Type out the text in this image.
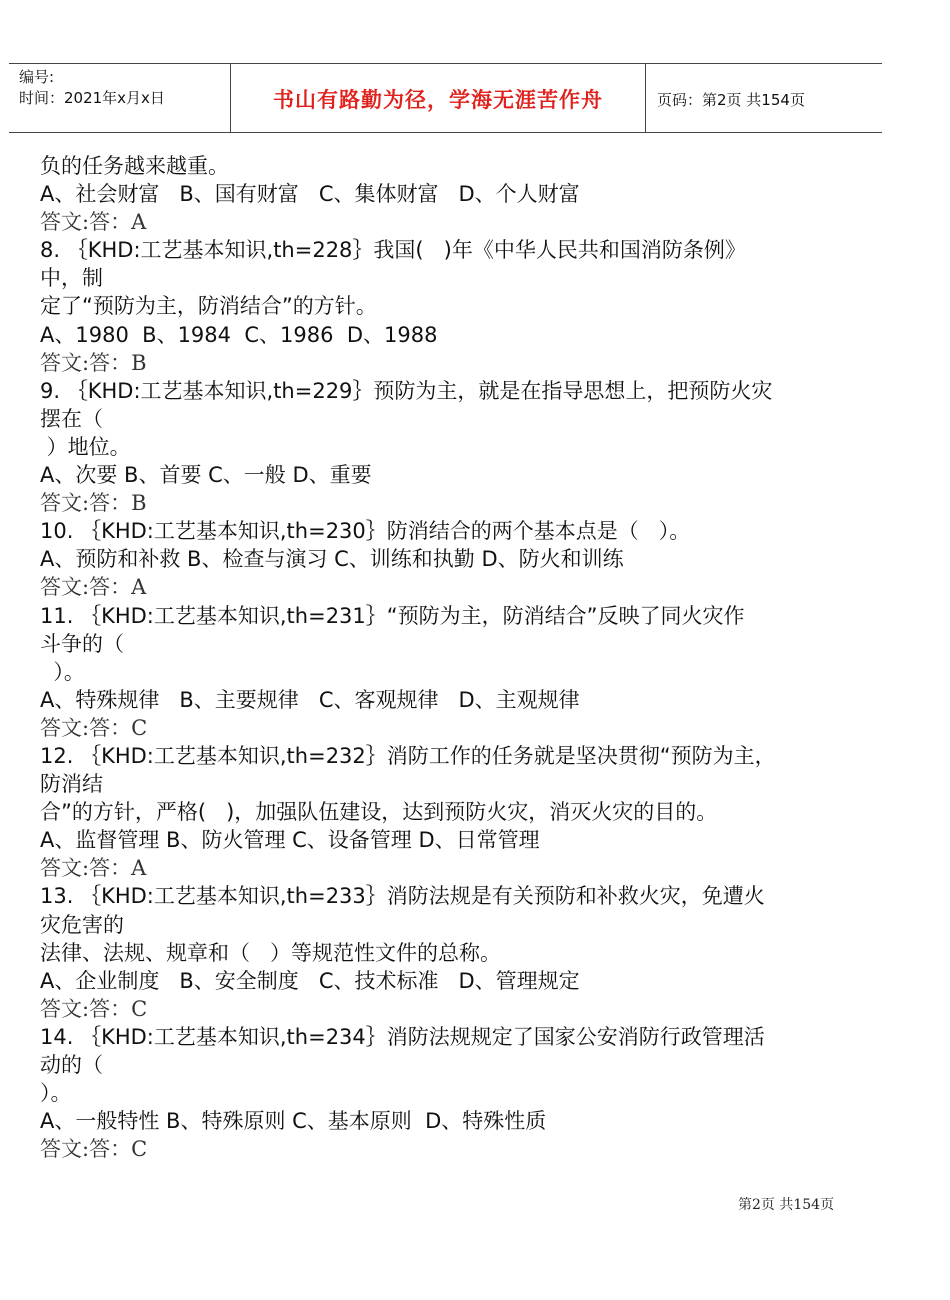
编号:
时间：2021年x月x日	书山有路勤为径，学海无涯苦作舟	页码：第2页 共154页
负的任务越来越重。
A、社会财富   B、国有财富   C、集体财富   D、个人财富
答文:答：A
8. ｛KHD:工艺基本知识,th=228｝我国(   )年《中华人民共和国消防条例》
中，制
定了“预防为主，防消结合”的方针。
A、1980  B、1984  C、1986  D、1988
答文:答：B
9. ｛KHD:工艺基本知识,th=229｝预防为主，就是在指导思想上，把预防火灾
摆在（
）地位。
A、次要 B、首要 C、一般 D、重要
答文:答：B
10. ｛KHD:工艺基本知识,th=230｝防消结合的两个基本点是（   ）。
A、预防和补救 B、检查与演习 C、训练和执勤 D、防火和训练
答文:答：A
11. ｛KHD:工艺基本知识,th=231｝“预防为主，防消结合”反映了同火灾作
斗争的（
）。
A、特殊规律   B、主要规律   C、客观规律   D、主观规律
答文:答：C
12. ｛KHD:工艺基本知识,th=232｝消防工作的任务就是坚决贯彻“预防为主，
防消结
合”的方针，严格(   )，加强队伍建设，达到预防火灾，消灭火灾的目的。
A、监督管理 B、防火管理 C、设备管理 D、日常管理
答文:答：A
13. ｛KHD:工艺基本知识,th=233｝消防法规是有关预防和补救火灾，免遭火
灾危害的
法律、法规、规章和（   ）等规范性文件的总称。
A、企业制度   B、安全制度   C、技术标准   D、管理规定
答文:答：C
14. ｛KHD:工艺基本知识,th=234｝消防法规规定了国家公安消防行政管理活
动的（
）。
A、一般特性 B、特殊原则 C、基本原则  D、特殊性质
答文:答：C
第2页 共154页
